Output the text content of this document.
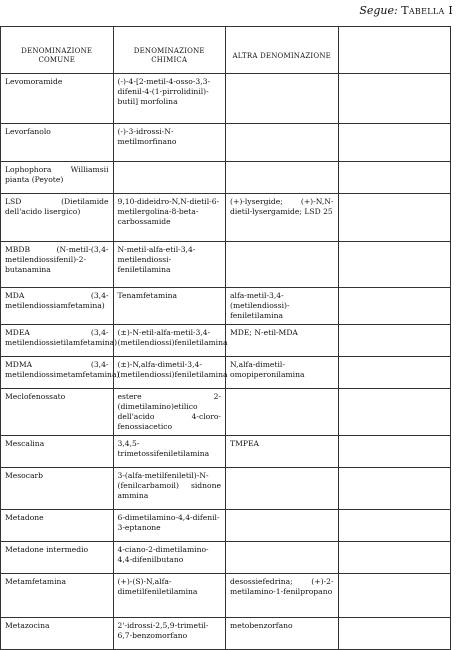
Segue: Tabella I
DENOMINAZIONE COMUNE	DENOMINAZIONE CHIMICA	ALTRA DENOMINAZIONE	
Levomoramide	(-)-4-[2-metil-4-osso-3,3-difenil-4-(1-pirrolidinil)-butil] morfolina		
Levorfanolo	(-)-3-idrossi-N-metilmorfinano		
Lophophora Williamsii pianta (Peyote)			
LSD (Dietilamide dell'acido lisergico)	9,10-dideidro-N,N-dietil-6-metilergolina-8-beta-carbossamide	(+)-lysergide; (+)-N,N-dietil-lysergamide; LSD 25	
MBDB (N-metil-(3,4-metilendiossifenil)-2-butanamina	N-metil-alfa-etil-3,4-metilendiossi-feniletilamina		
MDA (3,4-metilendiossiamfetamina)	Tenamfetamina	alfa-metil-3,4-(metilendiossi)- feniletilamina	
MDEA (3,4-metilendiossietilamfetamina)	(±)-N-etil-alfa-metil-3,4-(metilendiossi)feniletilamina	MDE; N-etil-MDA	
MDMA (3,4-metilendiossimetamfetamina)	(±)-N,alfa-dimetil-3,4-(metilendiossi)feniletilamina	N,alfa-dimetil-omopiperonilamina	
Meclofenossato	estere 2-(dimetilamino)etilico dell'acido 4-cloro-fenossiacetico		
Mescalina	3,4,5-trimetossifeniletilamina	TMPEA	
Mesocarb	3-(alfa-metilfeniletil)-N-(fenilcarbamoil) sidnone ammina		
Metadone	6-dimetilamino-4,4-difenil-3-eptanone		
Metadone intermedio	4-ciano-2-dimetilamino-4,4-difenilbutano		
Metamfetamina	(+)-(S)-N,alfa-dimetilfeniletilamina	desossiefedrina; (+)-2-metilamino-1-fenilpropano	
Metazocina	2'-idrossi-2,5,9-trimetil-6,7-benzomorfano	metobenzorfano	
